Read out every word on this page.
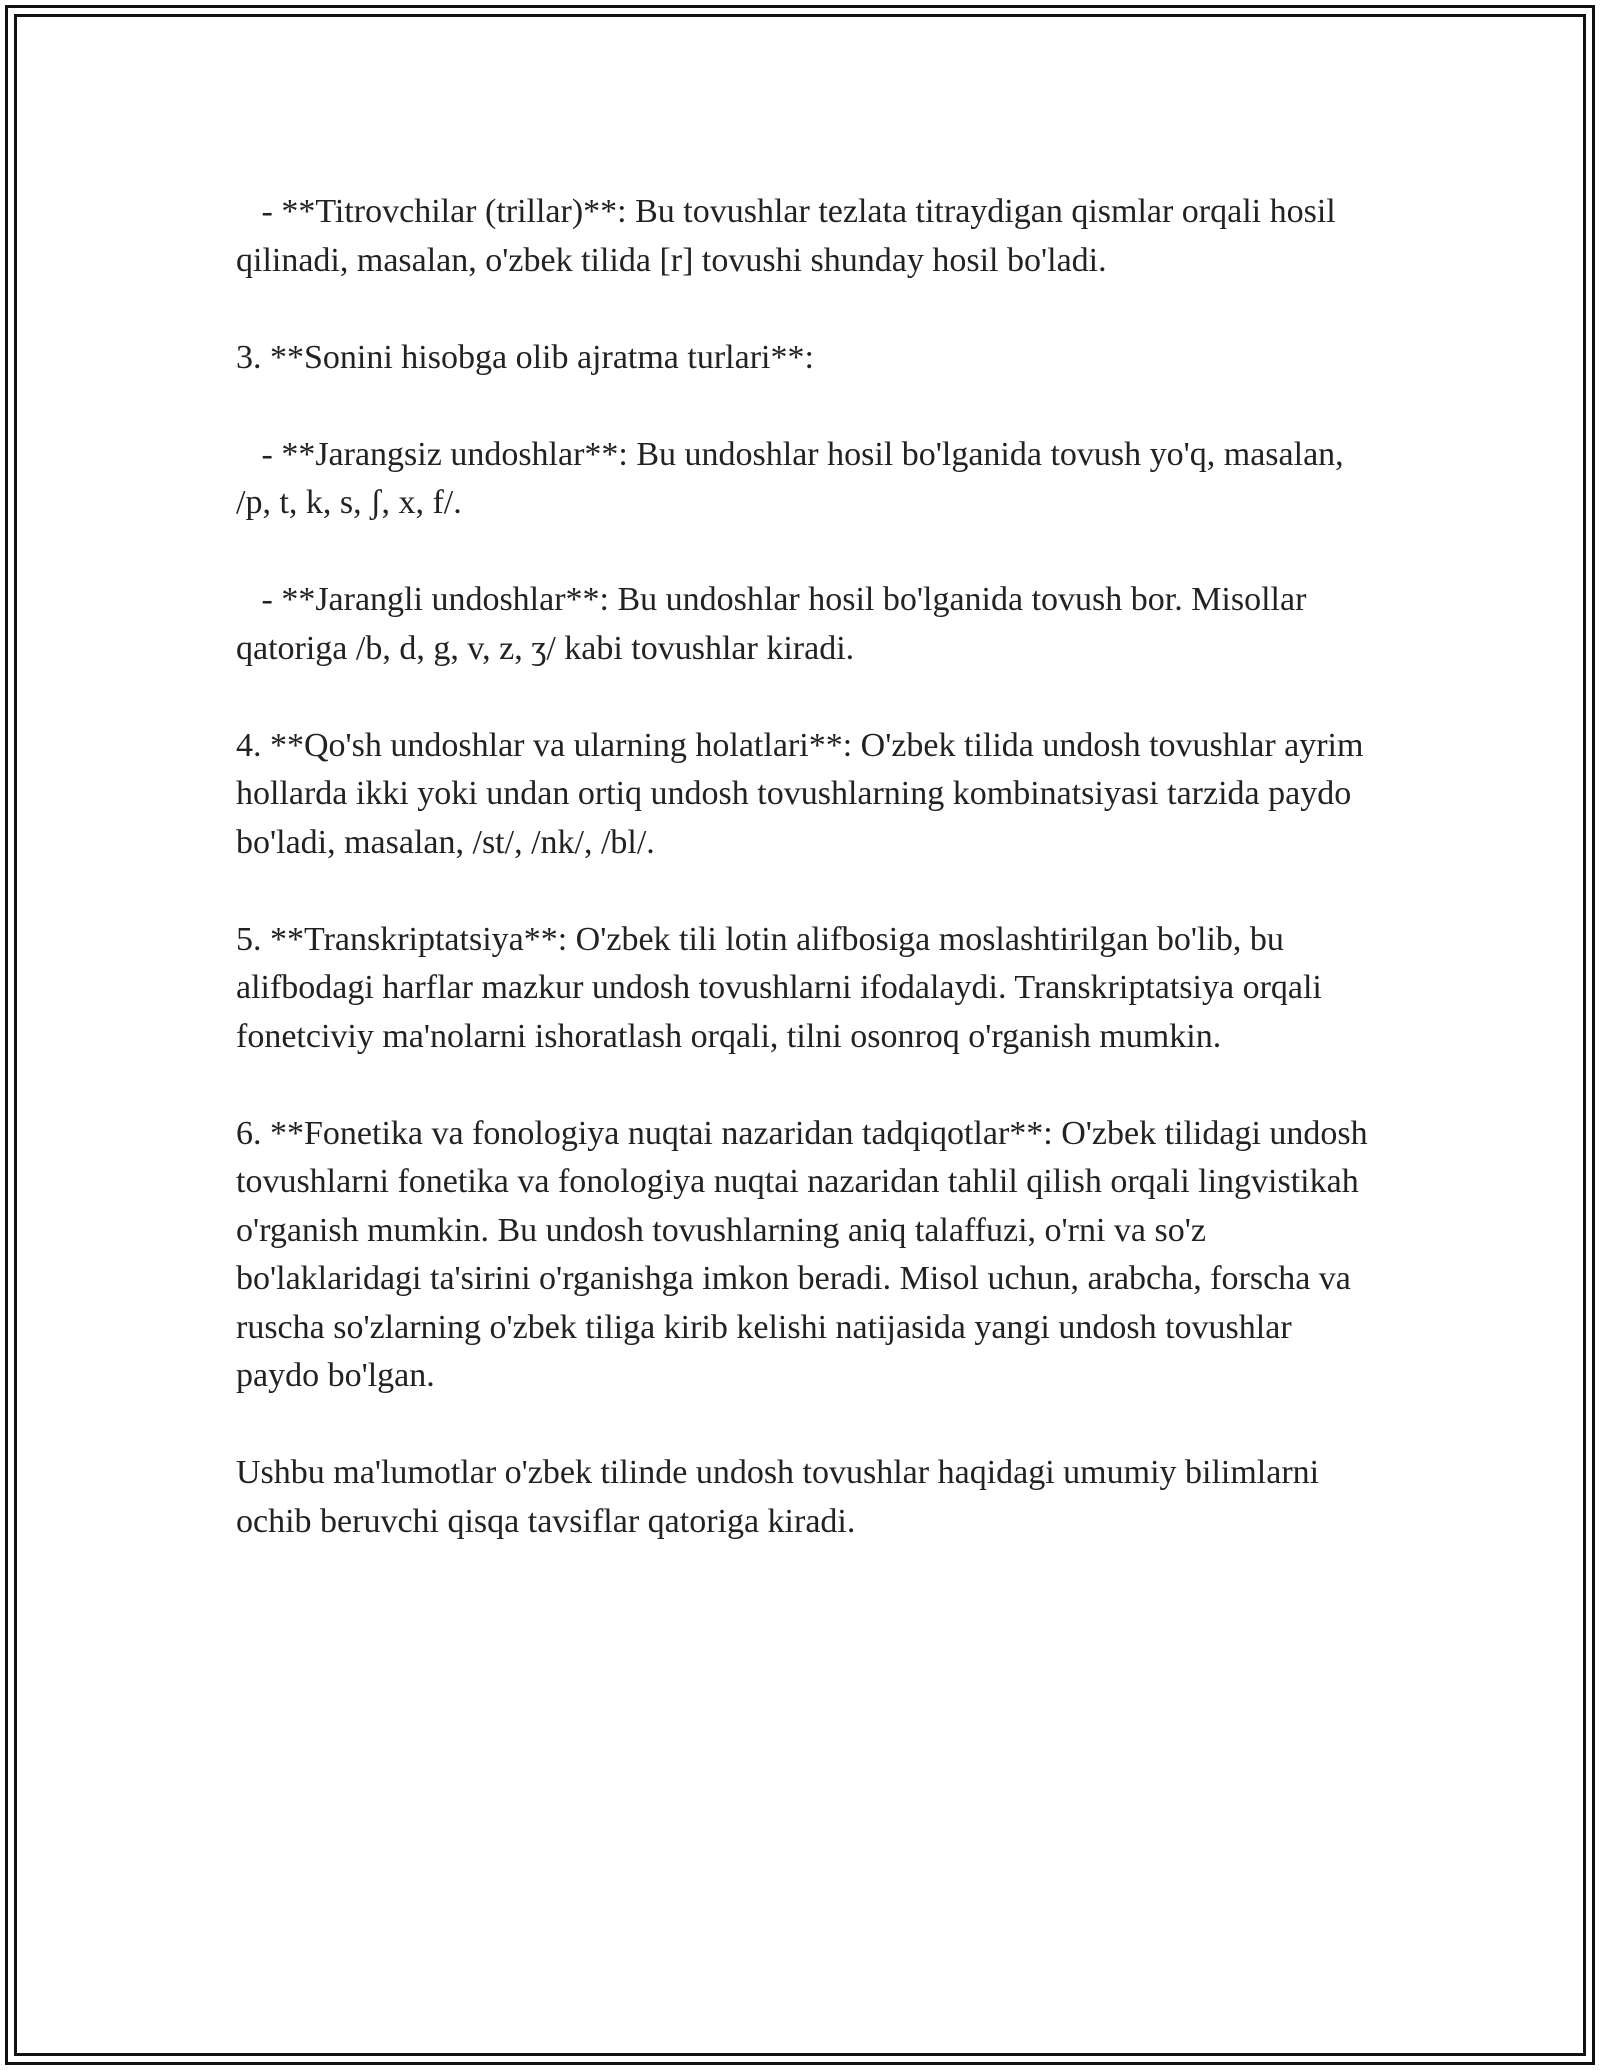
- **Titrovchilar (trillar)**: Bu tovushlar tezlata titraydigan qismlar orqali hosil qilinadi, masalan, o'zbek tilida [r] tovushi shunday hosil bo'ladi.

3. **Sonini hisobga olib ajratma turlari**:

- **Jarangsiz undoshlar**: Bu undoshlar hosil bo'lganida tovush yo'q, masalan, /p, t, k, s, ʃ, x, f/.

- **Jarangli undoshlar**: Bu undoshlar hosil bo'lganida tovush bor. Misollar qatoriga /b, d, g, v, z, ʒ/ kabi tovushlar kiradi.

4. **Qo'sh undoshlar va ularning holatlari**: O'zbek tilida undosh tovushlar ayrim hollarda ikki yoki undan ortiq undosh tovushlarning kombinatsiyasi tarzida paydo bo'ladi, masalan, /st/, /nk/, /bl/.

5. **Transkriptatsiya**: O'zbek tili lotin alifbosiga moslashtirilgan bo'lib, bu alifbodagi harflar mazkur undosh tovushlarni ifodalaydi. Transkriptatsiya orqali fonetciviy ma'nolarni ishoratlash orqali, tilni osonroq o'rganish mumkin.

6. **Fonetika va fonologiya nuqtai nazaridan tadqiqotlar**: O'zbek tilidagi undosh tovushlarni fonetika va fonologiya nuqtai nazaridan tahlil qilish orqali lingvistikah o'rganish mumkin. Bu undosh tovushlarning aniq talaffuzi, o'rni va so'z bo'laklaridagi ta'sirini o'rganishga imkon beradi. Misol uchun, arabcha, forscha va ruscha so'zlarning o'zbek tiliga kirib kelishi natijasida yangi undosh tovushlar paydo bo'lgan.

Ushbu ma'lumotlar o'zbek tilinde undosh tovushlar haqidagi umumiy bilimlarni ochib beruvchi qisqa tavsiflar qatoriga kiradi.
